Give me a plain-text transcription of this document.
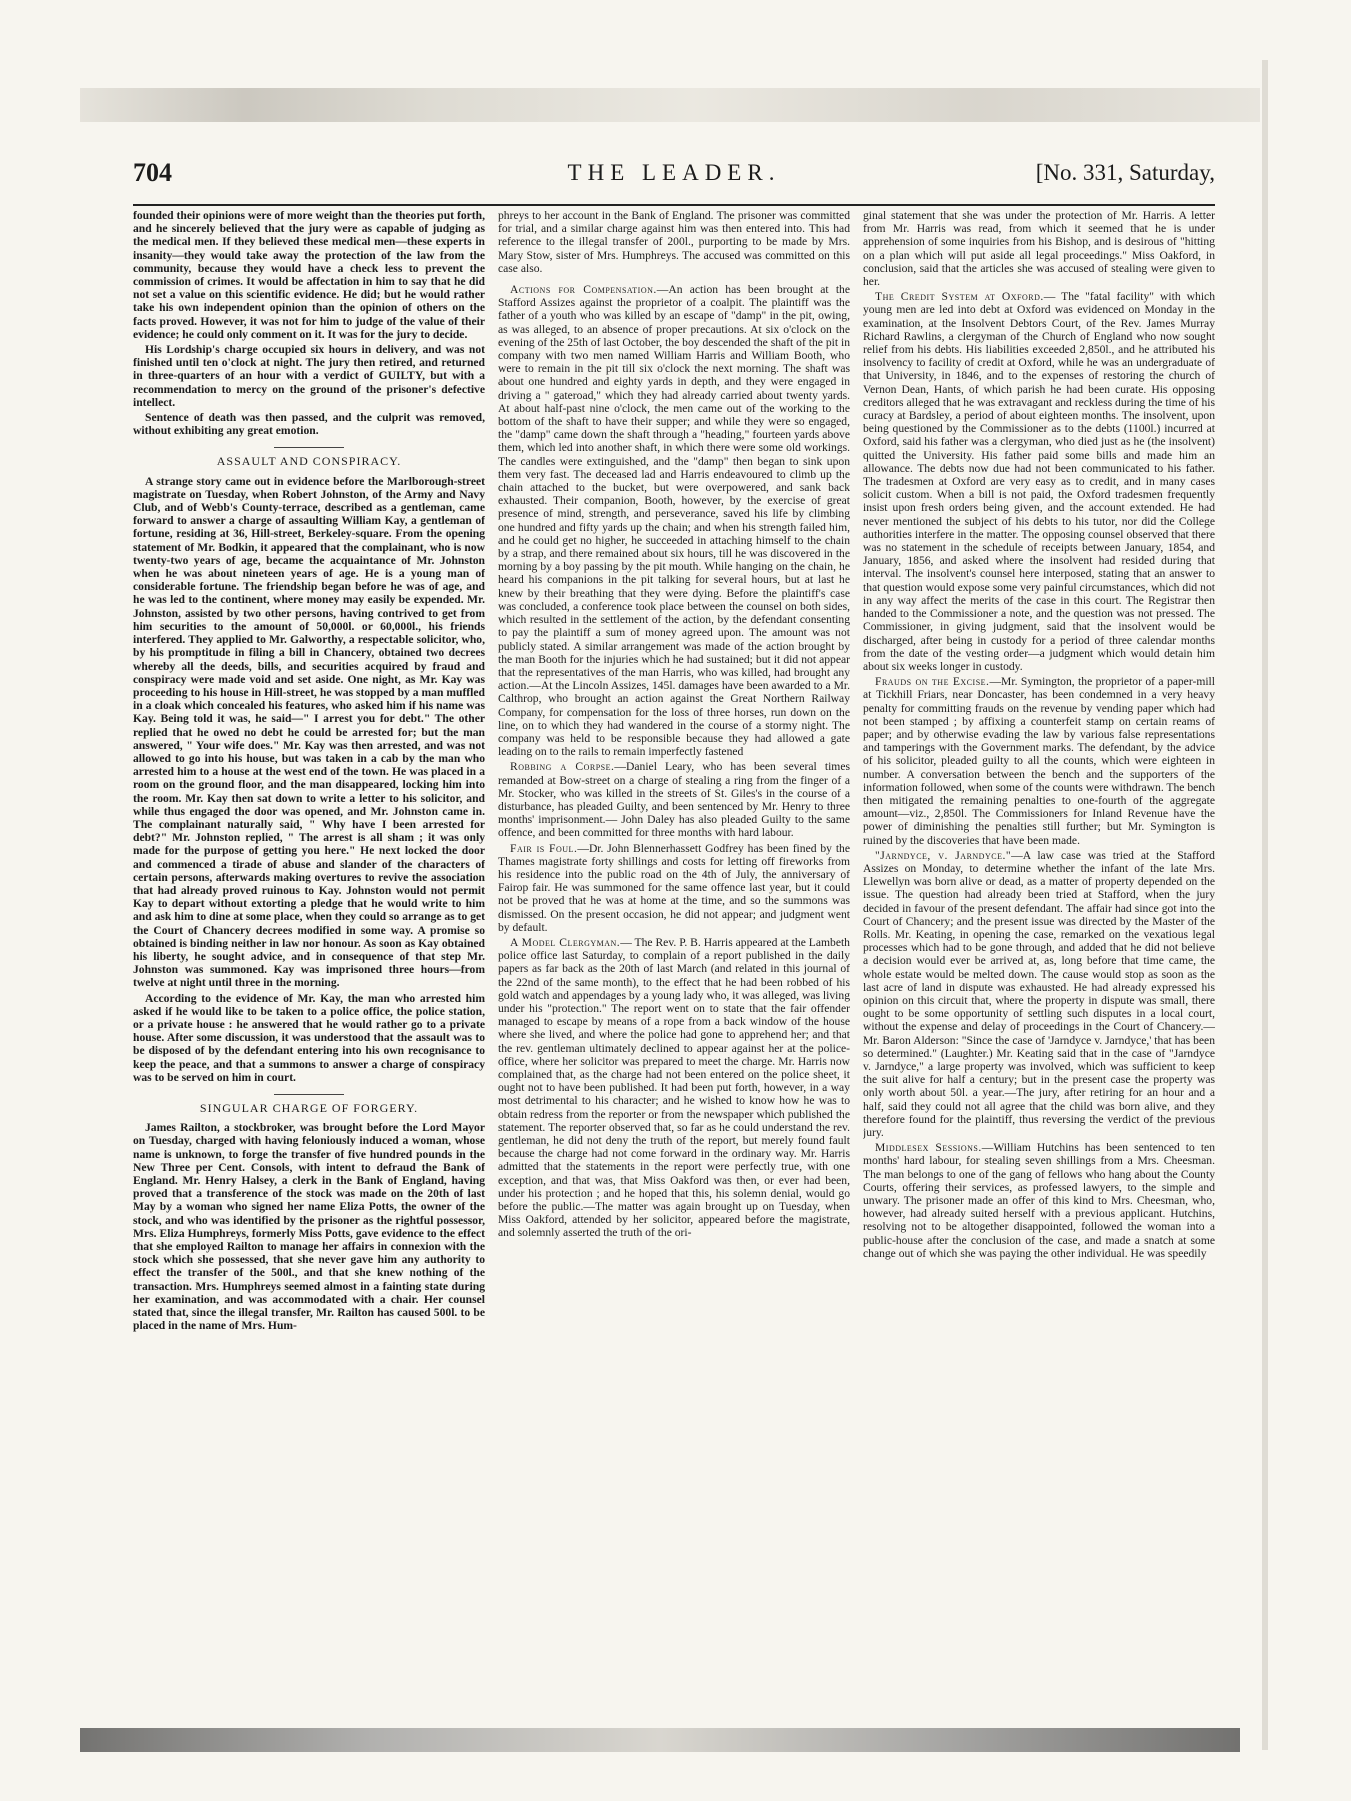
704	THE LEADER.	[No. 331, Saturday,

founded their opinions were of more weight than the theories put forth, and he sincerely believed that the jury were as capable of judging as the medical men. If they believed these medical men—these experts in insanity—they would take away the protection of the law from the community, because they would have a check less to prevent the commission of crimes. It would be affectation in him to say that he did not set a value on this scientific evidence. He did; but he would rather take his own independent opinion than the opinion of others on the facts proved. However, it was not for him to judge of the value of their evidence; he could only comment on it. It was for the jury to decide.

His Lordship's charge occupied six hours in delivery, and was not finished until ten o'clock at night. The jury then retired, and returned in three-quarters of an hour with a verdict of GUILTY, but with a recommendation to mercy on the ground of the prisoner's defective intellect.

Sentence of death was then passed, and the culprit was removed, without exhibiting any great emotion.

ASSAULT AND CONSPIRACY.

A strange story came out in evidence before the Marlborough-street magistrate on Tuesday, when Robert Johnston, of the Army and Navy Club, and of Webb's County-terrace, described as a gentleman, came forward to answer a charge of assaulting William Kay, a gentleman of fortune, residing at 36, Hill-street, Berkeley-square. From the opening statement of Mr. Bodkin, it appeared that the complainant, who is now twenty-two years of age, became the acquaintance of Mr. Johnston when he was about nineteen years of age. He is a young man of considerable fortune. The friendship began before he was of age, and he was led to the continent, where money may easily be expended. Mr. Johnston, assisted by two other persons, having contrived to get from him securities to the amount of 50,000l. or 60,000l., his friends interfered. They applied to Mr. Galworthy, a respectable solicitor, who, by his promptitude in filing a bill in Chancery, obtained two decrees whereby all the deeds, bills, and securities acquired by fraud and conspiracy were made void and set aside. One night, as Mr. Kay was proceeding to his house in Hill-street, he was stopped by a man muffled in a cloak which concealed his features, who asked him if his name was Kay. Being told it was, he said—" I arrest you for debt." The other replied that he owed no debt he could be arrested for; but the man answered, " Your wife does." Mr. Kay was then arrested, and was not allowed to go into his house, but was taken in a cab by the man who arrested him to a house at the west end of the town. He was placed in a room on the ground floor, and the man disappeared, locking him into the room. Mr. Kay then sat down to write a letter to his solicitor, and while thus engaged the door was opened, and Mr. Johnston came in. The complainant naturally said, " Why have I been arrested for debt?" Mr. Johnston replied, " The arrest is all sham ; it was only made for the purpose of getting you here." He next locked the door and commenced a tirade of abuse and slander of the characters of certain persons, afterwards making overtures to revive the association that had already proved ruinous to Kay. Johnston would not permit Kay to depart without extorting a pledge that he would write to him and ask him to dine at some place, when they could so arrange as to get the Court of Chancery decrees modified in some way. A promise so obtained is binding neither in law nor honour. As soon as Kay obtained his liberty, he sought advice, and in consequence of that step Mr. Johnston was summoned. Kay was imprisoned three hours—from twelve at night until three in the morning.

According to the evidence of Mr. Kay, the man who arrested him asked if he would like to be taken to a police office, the police station, or a private house : he answered that he would rather go to a private house. After some discussion, it was understood that the assault was to be disposed of by the defendant entering into his own recognisance to keep the peace, and that a summons to answer a charge of conspiracy was to be served on him in court.

SINGULAR CHARGE OF FORGERY.

James Railton, a stockbroker, was brought before the Lord Mayor on Tuesday, charged with having feloniously induced a woman, whose name is unknown, to forge the transfer of five hundred pounds in the New Three per Cent. Consols, with intent to defraud the Bank of England. Mr. Henry Halsey, a clerk in the Bank of England, having proved that a transference of the stock was made on the 20th of last May by a woman who signed her name Eliza Potts, the owner of the stock, and who was identified by the prisoner as the rightful possessor, Mrs. Eliza Humphreys, formerly Miss Potts, gave evidence to the effect that she employed Railton to manage her affairs in connexion with the stock which she possessed, that she never gave him any authority to effect the transfer of the 500l., and that she knew nothing of the transaction. Mrs. Humphreys seemed almost in a fainting state during her examination, and was accommodated with a chair. Her counsel stated that, since the illegal transfer, Mr. Railton has caused 500l. to be placed in the name of Mrs. Hum-

phreys to her account in the Bank of England. The prisoner was committed for trial, and a similar charge against him was then entered into. This had reference to the illegal transfer of 200l., purporting to be made by Mrs. Mary Stow, sister of Mrs. Humphreys. The accused was committed on this case also.

Actions for Compensation.—An action has been brought at the Stafford Assizes against the proprietor of a coalpit. The plaintiff was the father of a youth who was killed by an escape of "damp" in the pit, owing, as was alleged, to an absence of proper precautions. At six o'clock on the evening of the 25th of last October, the boy descended the shaft of the pit in company with two men named William Harris and William Booth, who were to remain in the pit till six o'clock the next morning. The shaft was about one hundred and eighty yards in depth, and they were engaged in driving a " gateroad," which they had already carried about twenty yards. At about half-past nine o'clock, the men came out of the working to the bottom of the shaft to have their supper; and while they were so engaged, the "damp" came down the shaft through a "heading," fourteen yards above them, which led into another shaft, in which there were some old workings. The candles were extinguished, and the "damp" then began to sink upon them very fast. The deceased lad and Harris endeavoured to climb up the chain attached to the bucket, but were overpowered, and sank back exhausted. Their companion, Booth, however, by the exercise of great presence of mind, strength, and perseverance, saved his life by climbing one hundred and fifty yards up the chain; and when his strength failed him, and he could get no higher, he succeeded in attaching himself to the chain by a strap, and there remained about six hours, till he was discovered in the morning by a boy passing by the pit mouth. While hanging on the chain, he heard his companions in the pit talking for several hours, but at last he knew by their breathing that they were dying. Before the plaintiff's case was concluded, a conference took place between the counsel on both sides, which resulted in the settlement of the action, by the defendant consenting to pay the plaintiff a sum of money agreed upon. The amount was not publicly stated. A similar arrangement was made of the action brought by the man Booth for the injuries which he had sustained; but it did not appear that the representatives of the man Harris, who was killed, had brought any action.—At the Lincoln Assizes, 145l. damages have been awarded to a Mr. Calthrop, who brought an action against the Great Northern Railway Company, for compensation for the loss of three horses, run down on the line, on to which they had wandered in the course of a stormy night. The company was held to be responsible because they had allowed a gate leading on to the rails to remain imperfectly fastened

Robbing a Corpse.—Daniel Leary, who has been several times remanded at Bow-street on a charge of stealing a ring from the finger of a Mr. Stocker, who was killed in the streets of St. Giles's in the course of a disturbance, has pleaded Guilty, and been sentenced by Mr. Henry to three months' imprisonment.— John Daley has also pleaded Guilty to the same offence, and been committed for three months with hard labour.

Fair is Foul.—Dr. John Blennerhassett Godfrey has been fined by the Thames magistrate forty shillings and costs for letting off fireworks from his residence into the public road on the 4th of July, the anniversary of Fairop fair. He was summoned for the same offence last year, but it could not be proved that he was at home at the time, and so the summons was dismissed. On the present occasion, he did not appear; and judgment went by default.

A Model Clergyman.— The Rev. P. B. Harris appeared at the Lambeth police office last Saturday, to complain of a report published in the daily papers as far back as the 20th of last March (and related in this journal of the 22nd of the same month), to the effect that he had been robbed of his gold watch and appendages by a young lady who, it was alleged, was living under his "protection." The report went on to state that the fair offender managed to escape by means of a rope from a back window of the house where she lived, and where the police had gone to apprehend her; and that the rev. gentleman ultimately declined to appear against her at the police-office, where her solicitor was prepared to meet the charge. Mr. Harris now complained that, as the charge had not been entered on the police sheet, it ought not to have been published. It had been put forth, however, in a way most detrimental to his character; and he wished to know how he was to obtain redress from the reporter or from the newspaper which published the statement. The reporter observed that, so far as he could understand the rev. gentleman, he did not deny the truth of the report, but merely found fault because the charge had not come forward in the ordinary way. Mr. Harris admitted that the statements in the report were perfectly true, with one exception, and that was, that Miss Oakford was then, or ever had been, under his protection ; and he hoped that this, his solemn denial, would go before the public.—The matter was again brought up on Tuesday, when Miss Oakford, attended by her solicitor, appeared before the magistrate, and solemnly asserted the truth of the ori-

ginal statement that she was under the protection of Mr. Harris. A letter from Mr. Harris was read, from which it seemed that he is under apprehension of some inquiries from his Bishop, and is desirous of "hitting on a plan which will put aside all legal proceedings." Miss Oakford, in conclusion, said that the articles she was accused of stealing were given to her.

The Credit System at Oxford.— The "fatal facility" with which young men are led into debt at Oxford was evidenced on Monday in the examination, at the Insolvent Debtors Court, of the Rev. James Murray Richard Rawlins, a clergyman of the Church of England who now sought relief from his debts. His liabilities exceeded 2,850l., and he attributed his insolvency to facility of credit at Oxford, while he was an undergraduate of that University, in 1846, and to the expenses of restoring the church of Vernon Dean, Hants, of which parish he had been curate. His opposing creditors alleged that he was extravagant and reckless during the time of his curacy at Bardsley, a period of about eighteen months. The insolvent, upon being questioned by the Commissioner as to the debts (1100l.) incurred at Oxford, said his father was a clergyman, who died just as he (the insolvent) quitted the University. His father paid some bills and made him an allowance. The debts now due had not been communicated to his father. The tradesmen at Oxford are very easy as to credit, and in many cases solicit custom. When a bill is not paid, the Oxford tradesmen frequently insist upon fresh orders being given, and the account extended. He had never mentioned the subject of his debts to his tutor, nor did the College authorities interfere in the matter. The opposing counsel observed that there was no statement in the schedule of receipts between January, 1854, and January, 1856, and asked where the insolvent had resided during that interval. The insolvent's counsel here interposed, stating that an answer to that question would expose some very painful circumstances, which did not in any way affect the merits of the case in this court. The Registrar then handed to the Commissioner a note, and the question was not pressed. The Commissioner, in giving judgment, said that the insolvent would be discharged, after being in custody for a period of three calendar months from the date of the vesting order—a judgment which would detain him about six weeks longer in custody.

Frauds on the Excise.—Mr. Symington, the proprietor of a paper-mill at Tickhill Friars, near Doncaster, has been condemned in a very heavy penalty for committing frauds on the revenue by vending paper which had not been stamped ; by affixing a counterfeit stamp on certain reams of paper; and by otherwise evading the law by various false representations and tamperings with the Government marks. The defendant, by the advice of his solicitor, pleaded guilty to all the counts, which were eighteen in number. A conversation between the bench and the supporters of the information followed, when some of the counts were withdrawn. The bench then mitigated the remaining penalties to one-fourth of the aggregate amount—viz., 2,850l. The Commissioners for Inland Revenue have the power of diminishing the penalties still further; but Mr. Symington is ruined by the discoveries that have been made.

"Jarndyce, v. Jarndyce."—A law case was tried at the Stafford Assizes on Monday, to determine whether the infant of the late Mrs. Llewellyn was born alive or dead, as a matter of property depended on the issue. The question had already been tried at Stafford, when the jury decided in favour of the present defendant. The affair had since got into the Court of Chancery; and the present issue was directed by the Master of the Rolls. Mr. Keating, in opening the case, remarked on the vexatious legal processes which had to be gone through, and added that he did not believe a decision would ever be arrived at, as, long before that time came, the whole estate would be melted down. The cause would stop as soon as the last acre of land in dispute was exhausted. He had already expressed his opinion on this circuit that, where the property in dispute was small, there ought to be some opportunity of settling such disputes in a local court, without the expense and delay of proceedings in the Court of Chancery.—Mr. Baron Alderson: "Since the case of 'Jarndyce v. Jarndyce,' that has been so determined." (Laughter.) Mr. Keating said that in the case of "Jarndyce v. Jarndyce," a large property was involved, which was sufficient to keep the suit alive for half a century; but in the present case the property was only worth about 50l. a year.—The jury, after retiring for an hour and a half, said they could not all agree that the child was born alive, and they therefore found for the plaintiff, thus reversing the verdict of the previous jury.

Middlesex Sessions.—William Hutchins has been sentenced to ten months' hard labour, for stealing seven shillings from a Mrs. Cheesman. The man belongs to one of the gang of fellows who hang about the County Courts, offering their services, as professed lawyers, to the simple and unwary. The prisoner made an offer of this kind to Mrs. Cheesman, who, however, had already suited herself with a previous applicant. Hutchins, resolving not to be altogether disappointed, followed the woman into a public-house after the conclusion of the case, and made a snatch at some change out of which she was paying the other individual. He was speedily
